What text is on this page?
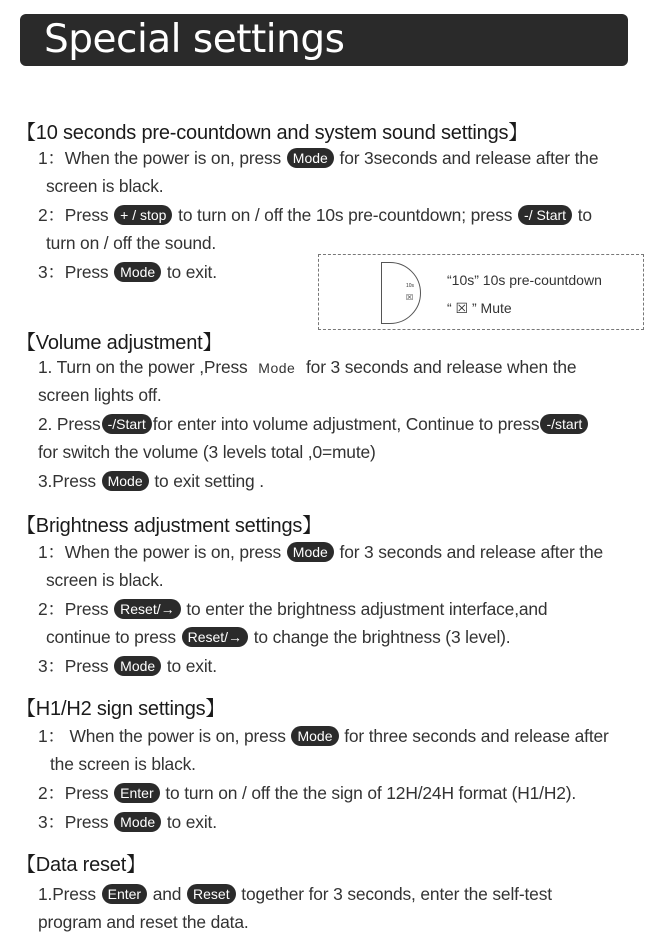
Special settings
【10 seconds pre-countdown and system sound settings】
1：When the power is on, press Mode for 3seconds and release after the
screen is black.
2：Press + / stop to turn on / off the 10s pre-countdown; press -/ Start to
turn on / off the sound.
3：Press Mode to exit.
10s
☒
“10s” 10s pre-countdown
“ ☒ ” Mute
【Volume adjustment】
1. Turn on the power ,Press Mode for 3 seconds and release when the
screen lights off.
2. Press -/Start for enter into volume adjustment, Continue to press -/start
for switch the volume (3 levels total ,0=mute)
3.Press Mode to exit setting .
【Brightness adjustment settings】
1：When the power is on, press Mode for 3 seconds and release after the
screen is black.
2：Press Reset/→ to enter the brightness adjustment interface,and
continue to press Reset/→ to change the brightness (3 level).
3：Press Mode to exit.
【H1/H2 sign settings】
1： When the power is on, press Mode for three seconds and release after
the screen is black.
2：Press Enter to turn on / off the the sign of 12H/24H format (H1/H2).
3：Press Mode to exit.
【Data reset】
1.Press Enter and Reset together for 3 seconds, enter the self-test
program and reset the data.
